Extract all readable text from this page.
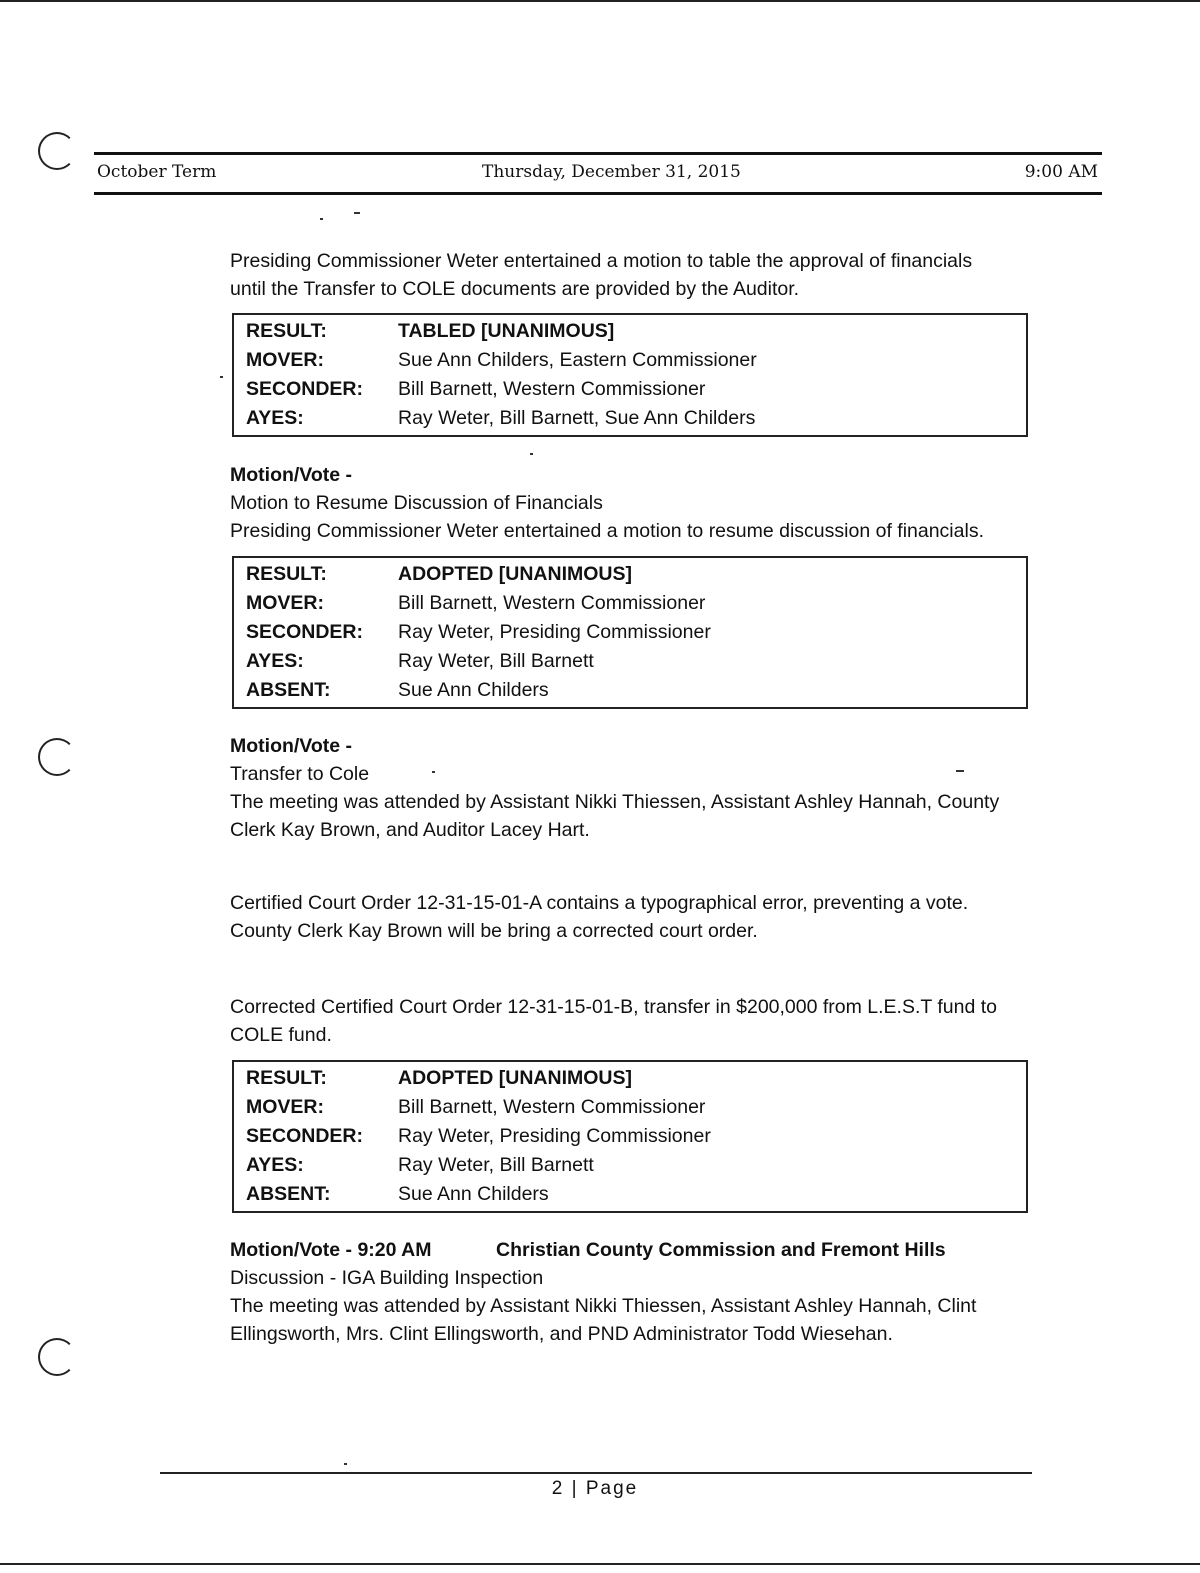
October Term	Thursday, December 31, 2015	9:00 AM
Presiding Commissioner Weter entertained a motion to table the approval of financials
until the Transfer to COLE documents are provided by the Auditor.
RESULT:	TABLED [UNANIMOUS]
MOVER:	Sue Ann Childers, Eastern Commissioner
SECONDER: Bill Barnett, Western Commissioner
AYES:	Ray Weter, Bill Barnett, Sue Ann Childers
Motion/Vote -
Motion to Resume Discussion of Financials
Presiding Commissioner Weter entertained a motion to resume discussion of financials.
RESULT:	ADOPTED [UNANIMOUS]
MOVER:	Bill Barnett, Western Commissioner
SECONDER: Ray Weter, Presiding Commissioner
AYES:	Ray Weter, Bill Barnett
ABSENT:	Sue Ann Childers
Motion/Vote -
Transfer to Cole
The meeting was attended by Assistant Nikki Thiessen, Assistant Ashley Hannah, County
Clerk Kay Brown, and Auditor Lacey Hart.
Certified Court Order 12-31-15-01-A contains a typographical error, preventing a vote.
County Clerk Kay Brown will be bring a corrected court order.
Corrected Certified Court Order 12-31-15-01-B, transfer in $200,000 from L.E.S.T fund to
COLE fund.
RESULT:	ADOPTED [UNANIMOUS]
MOVER:	Bill Barnett, Western Commissioner
SECONDER: Ray Weter, Presiding Commissioner
AYES:	Ray Weter, Bill Barnett
ABSENT:	Sue Ann Childers
Motion/Vote - 9:20 AM	Christian County Commission and Fremont Hills
Discussion - IGA Building Inspection
The meeting was attended by Assistant Nikki Thiessen, Assistant Ashley Hannah, Clint
Ellingsworth, Mrs. Clint Ellingsworth, and PND Administrator Todd Wiesehan.
2 | Page
